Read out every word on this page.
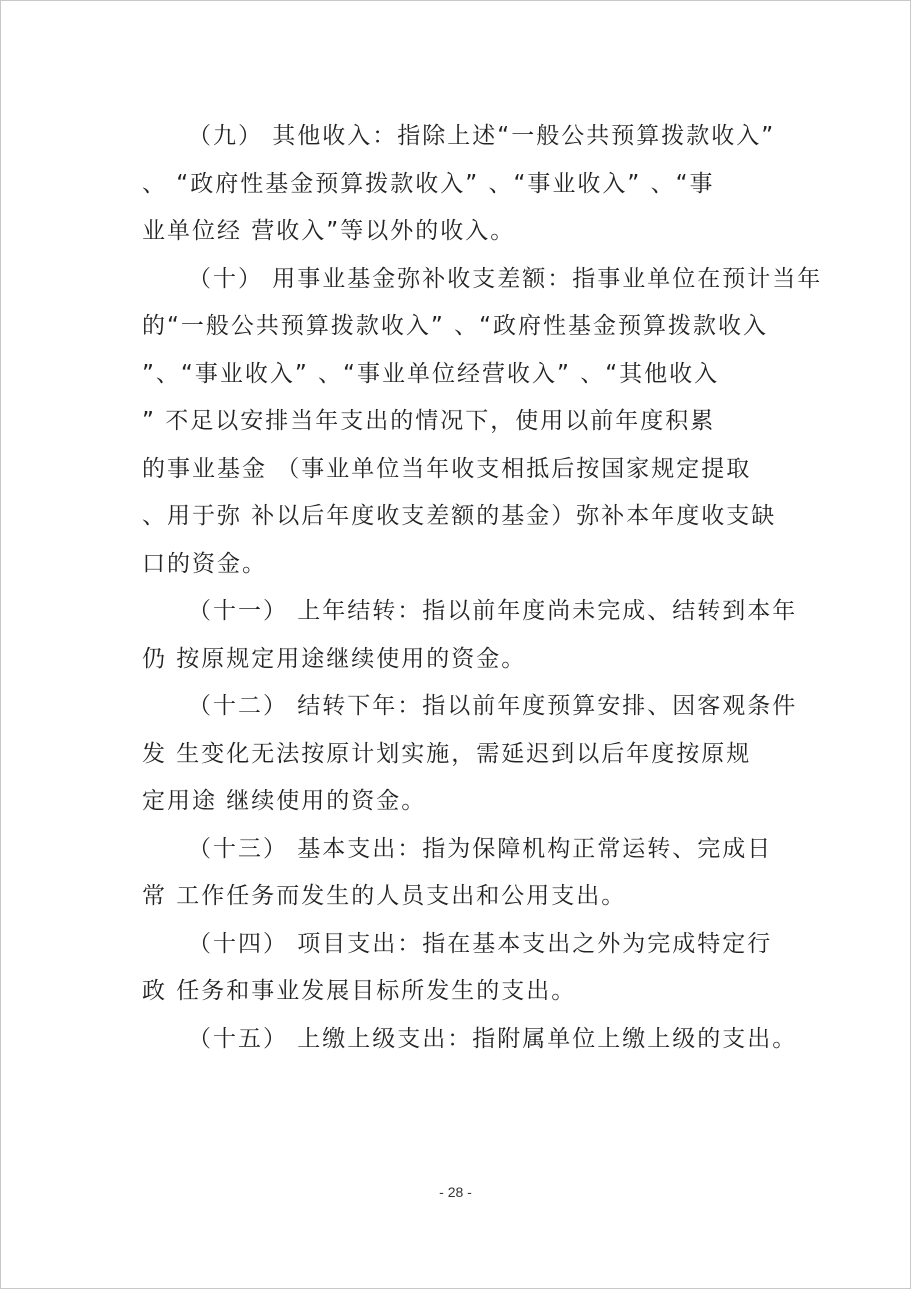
（九） 其他收入：指除上述“一般公共预算拨款收入”
、 “政府性基金预算拨款收入” 、“事业收入” 、“事
业单位经 营收入”等以外的收入。
（十） 用事业基金弥补收支差额：指事业单位在预计当年
的“一般公共预算拨款收入” 、“政府性基金预算拨款收入
”、“事业收入” 、“事业单位经营收入” 、“其他收入
” 不足以安排当年支出的情况下，使用以前年度积累
的事业基金 （事业单位当年收支相抵后按国家规定提取
、用于弥 补以后年度收支差额的基金）弥补本年度收支缺
口的资金。
（十一） 上年结转：指以前年度尚未完成、结转到本年
仍 按原规定用途继续使用的资金。
（十二） 结转下年：指以前年度预算安排、因客观条件
发 生变化无法按原计划实施，需延迟到以后年度按原规
定用途 继续使用的资金。
（十三） 基本支出：指为保障机构正常运转、完成日
常 工作任务而发生的人员支出和公用支出。
（十四） 项目支出：指在基本支出之外为完成特定行
政 任务和事业发展目标所发生的支出。
（十五） 上缴上级支出：指附属单位上缴上级的支出。
- 28 -
